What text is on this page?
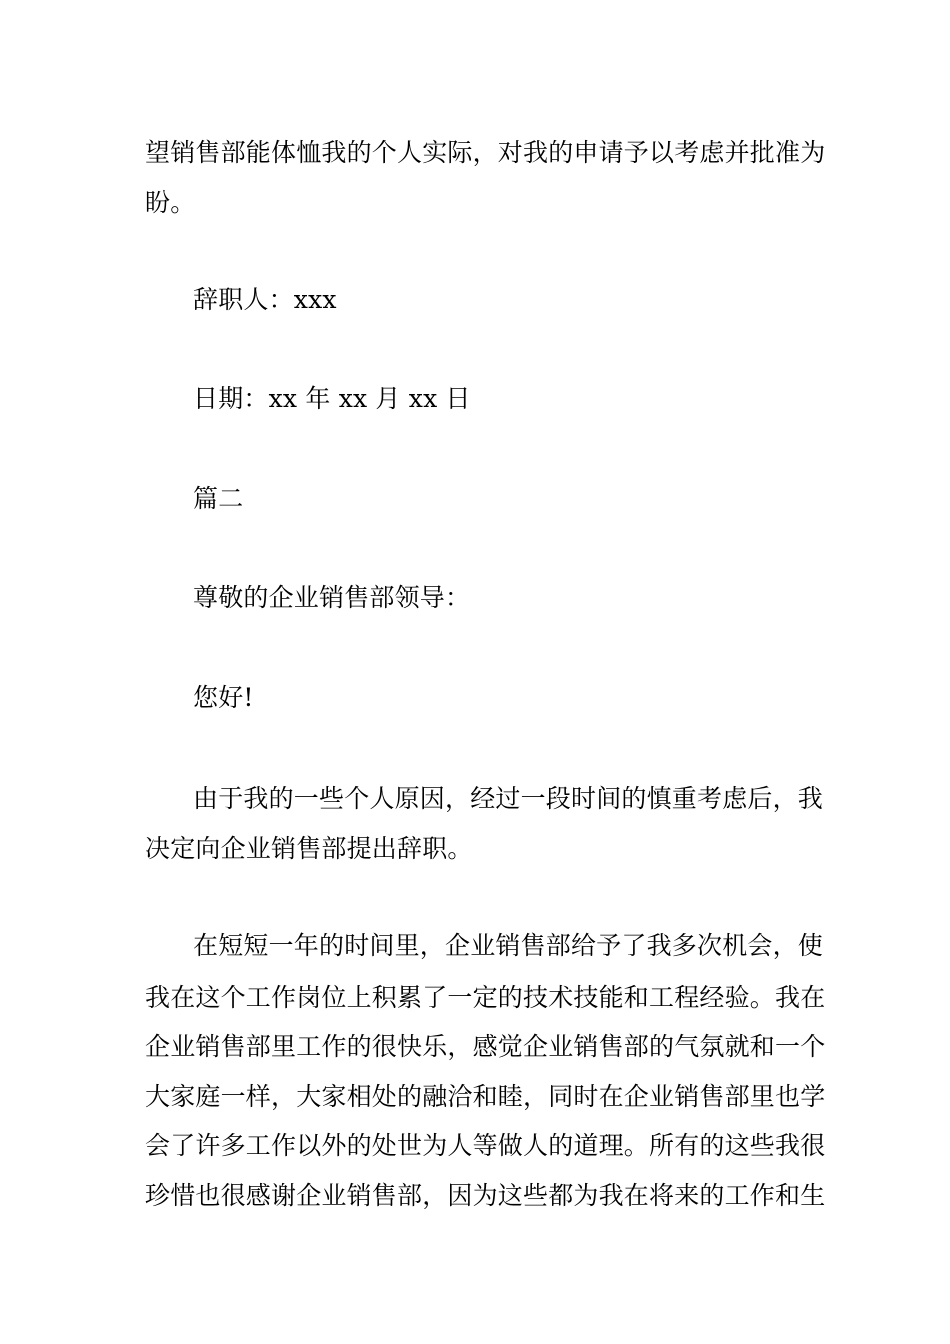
望销售部能体恤我的个人实际，对我的申请予以考虑并批准为
盼。
辞职人：xxx
日期：xx 年 xx 月 xx 日
篇二
尊敬的企业销售部领导：
您好!
由于我的一些个人原因，经过一段时间的慎重考虑后，我
决定向企业销售部提出辞职。
在短短一年的时间里，企业销售部给予了我多次机会，使
我在这个工作岗位上积累了一定的技术技能和工程经验。我在
企业销售部里工作的很快乐，感觉企业销售部的气氛就和一个
大家庭一样，大家相处的融洽和睦，同时在企业销售部里也学
会了许多工作以外的处世为人等做人的道理。所有的这些我很
珍惜也很感谢企业销售部，因为这些都为我在将来的工作和生
